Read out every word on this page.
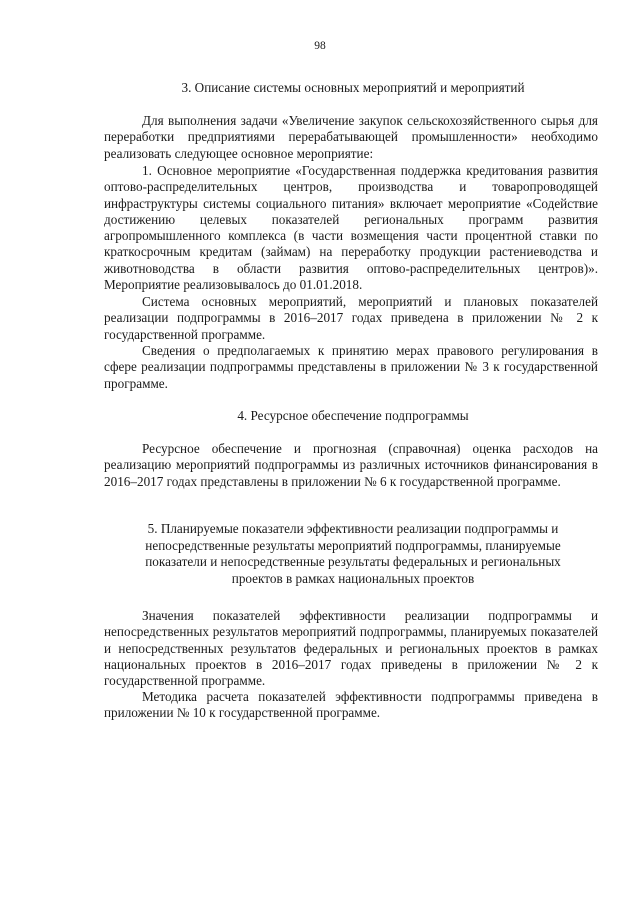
98
3. Описание системы основных мероприятий и мероприятий

Для выполнения задачи «Увеличение закупок сельскохозяйственного сырья для переработки предприятиями перерабатывающей промышленности» необходимо реализовать следующее основное мероприятие:

1. Основное мероприятие «Государственная поддержка кредитования развития оптово-распределительных центров, производства и товаропроводящей инфраструктуры системы социального питания» включает мероприятие «Содействие достижению целевых показателей региональных программ развития агропромышленного комплекса (в части возмещения части процентной ставки по краткосрочным кредитам (займам) на переработку продукции растениеводства и животноводства в области развития оптово-распределительных центров)». Мероприятие реализовывалось до 01.01.2018.

Система основных мероприятий, мероприятий и плановых показателей реализации подпрограммы в 2016–2017 годах приведена в приложении № 2 к государственной программе.

Сведения о предполагаемых к принятию мерах правового регулирования в сфере реализации подпрограммы представлены в приложении № 3 к государственной программе.

4. Ресурсное обеспечение подпрограммы

Ресурсное обеспечение и прогнозная (справочная) оценка расходов на реализацию мероприятий подпрограммы из различных источников финансирования в 2016–2017 годах представлены в приложении № 6 к государственной программе.

5. Планируемые показатели эффективности реализации подпрограммы и
непосредственные результаты мероприятий подпрограммы, планируемые
показатели и непосредственные результаты федеральных и региональных
проектов в рамках национальных проектов

Значения показателей эффективности реализации подпрограммы и непосредственных результатов мероприятий подпрограммы, планируемых показателей и непосредственных результатов федеральных и региональных проектов в рамках национальных проектов в 2016–2017 годах приведены в приложении № 2 к государственной программе.

Методика расчета показателей эффективности подпрограммы приведена в приложении № 10 к государственной программе.
